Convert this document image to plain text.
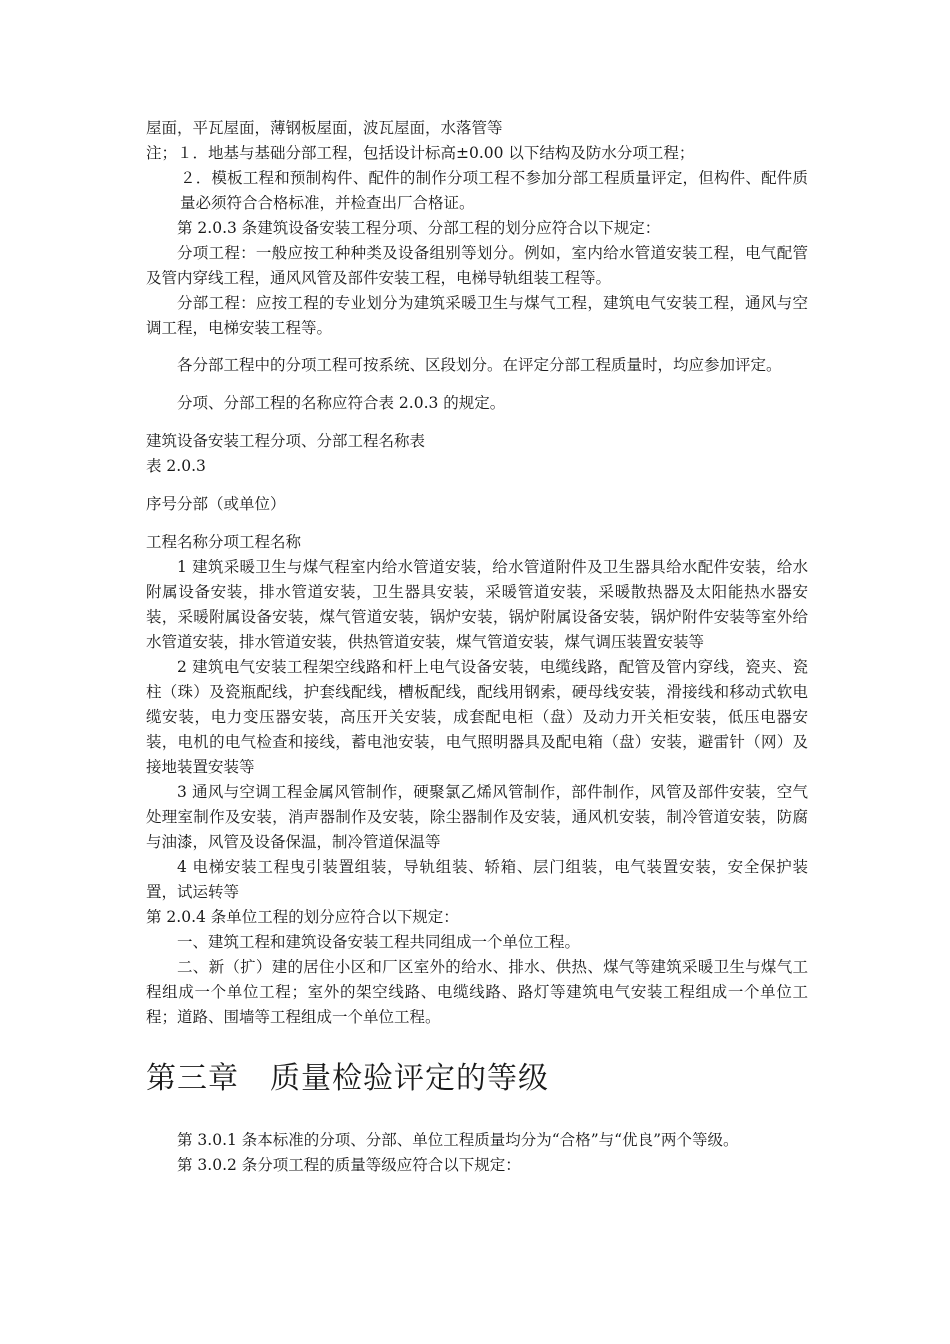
屋面，平瓦屋面，薄钢板屋面，波瓦屋面，水落管等

注；１．地基与基础分部工程，包括设计标高±0.00 以下结构及防水分项工程；

２．模板工程和预制构件、配件的制作分项工程不参加分部工程质量评定，但构件、配件质量必须符合合格标准，并检查出厂合格证。

第 2.0.3 条建筑设备安装工程分项、分部工程的划分应符合以下规定：

分项工程：一般应按工种种类及设备组别等划分。例如，室内给水管道安装工程，电气配管及管内穿线工程，通风风管及部件安装工程，电梯导轨组装工程等。

分部工程：应按工程的专业划分为建筑采暖卫生与煤气工程，建筑电气安装工程，通风与空调工程，电梯安装工程等。

各分部工程中的分项工程可按系统、区段划分。在评定分部工程质量时，均应参加评定。

分项、分部工程的名称应符合表 2.0.3 的规定。

建筑设备安装工程分项、分部工程名称表

表 2.0.3

序号分部（或单位）

工程名称分项工程名称

1 建筑采暖卫生与煤气程室内给水管道安装，给水管道附件及卫生器具给水配件安装，给水附属设备安装，排水管道安装，卫生器具安装，采暖管道安装，采暖散热器及太阳能热水器安装，采暖附属设备安装，煤气管道安装，锅炉安装，锅炉附属设备安装，锅炉附件安装等室外给水管道安装，排水管道安装，供热管道安装，煤气管道安装，煤气调压装置安装等

2 建筑电气安装工程架空线路和杆上电气设备安装，电缆线路，配管及管内穿线，瓷夹、瓷柱（珠）及瓷瓶配线，护套线配线，槽板配线，配线用钢索，硬母线安装，滑接线和移动式软电缆安装，电力变压器安装，高压开关安装，成套配电柜（盘）及动力开关柜安装，低压电器安装，电机的电气检查和接线，蓄电池安装，电气照明器具及配电箱（盘）安装，避雷针（网）及接地装置安装等

3 通风与空调工程金属风管制作，硬聚氯乙烯风管制作，部件制作，风管及部件安装，空气处理室制作及安装，消声器制作及安装，除尘器制作及安装，通风机安装，制冷管道安装，防腐与油漆，风管及设备保温，制冷管道保温等

4 电梯安装工程曳引装置组装，导轨组装、轿箱、层门组装，电气装置安装，安全保护装置，试运转等

第 2.0.4 条单位工程的划分应符合以下规定：

一、建筑工程和建筑设备安装工程共同组成一个单位工程。

二、新（扩）建的居住小区和厂区室外的给水、排水、供热、煤气等建筑采暖卫生与煤气工程组成一个单位工程；室外的架空线路、电缆线路、路灯等建筑电气安装工程组成一个单位工程；道路、围墙等工程组成一个单位工程。

第三章　质量检验评定的等级

第 3.0.1 条本标准的分项、分部、单位工程质量均分为“合格”与“优良”两个等级。

第 3.0.2 条分项工程的质量等级应符合以下规定：
